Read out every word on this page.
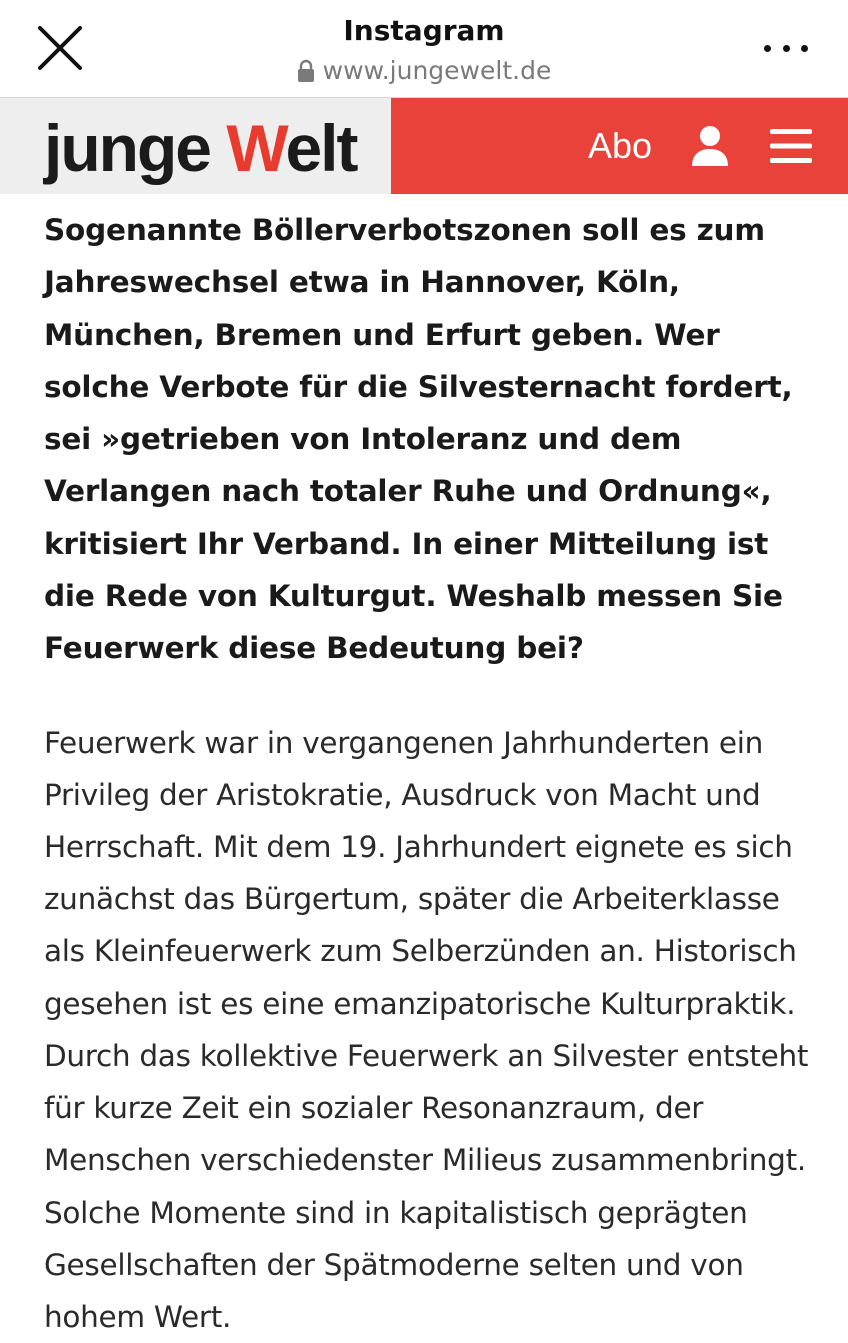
Instagram
www.jungewelt.de
junge Welt	Abo

Sogenannte Böllerverbotszonen soll es zum Jahreswechsel etwa in Hannover, Köln, München, Bremen und Erfurt geben. Wer solche Verbote für die Silvesternacht fordert, sei »getrieben von Intoleranz und dem Verlangen nach totaler Ruhe und Ordnung«, kritisiert Ihr Verband. In einer Mitteilung ist die Rede von Kulturgut. Weshalb messen Sie Feuerwerk diese Bedeutung bei?

Feuerwerk war in vergangenen Jahrhunderten ein Privileg der Aristokratie, Ausdruck von Macht und Herrschaft. Mit dem 19. Jahrhundert eignete es sich zunächst das Bürgertum, später die Arbeiterklasse als Kleinfeuerwerk zum Selberzünden an. Historisch gesehen ist es eine emanzipatorische Kulturpraktik. Durch das kollektive Feuerwerk an Silvester entsteht für kurze Zeit ein sozialer Resonanzraum, der Menschen verschiedenster Milieus zusammenbringt. Solche Momente sind in kapitalistisch geprägten Gesellschaften der Spätmoderne selten und von hohem Wert.
